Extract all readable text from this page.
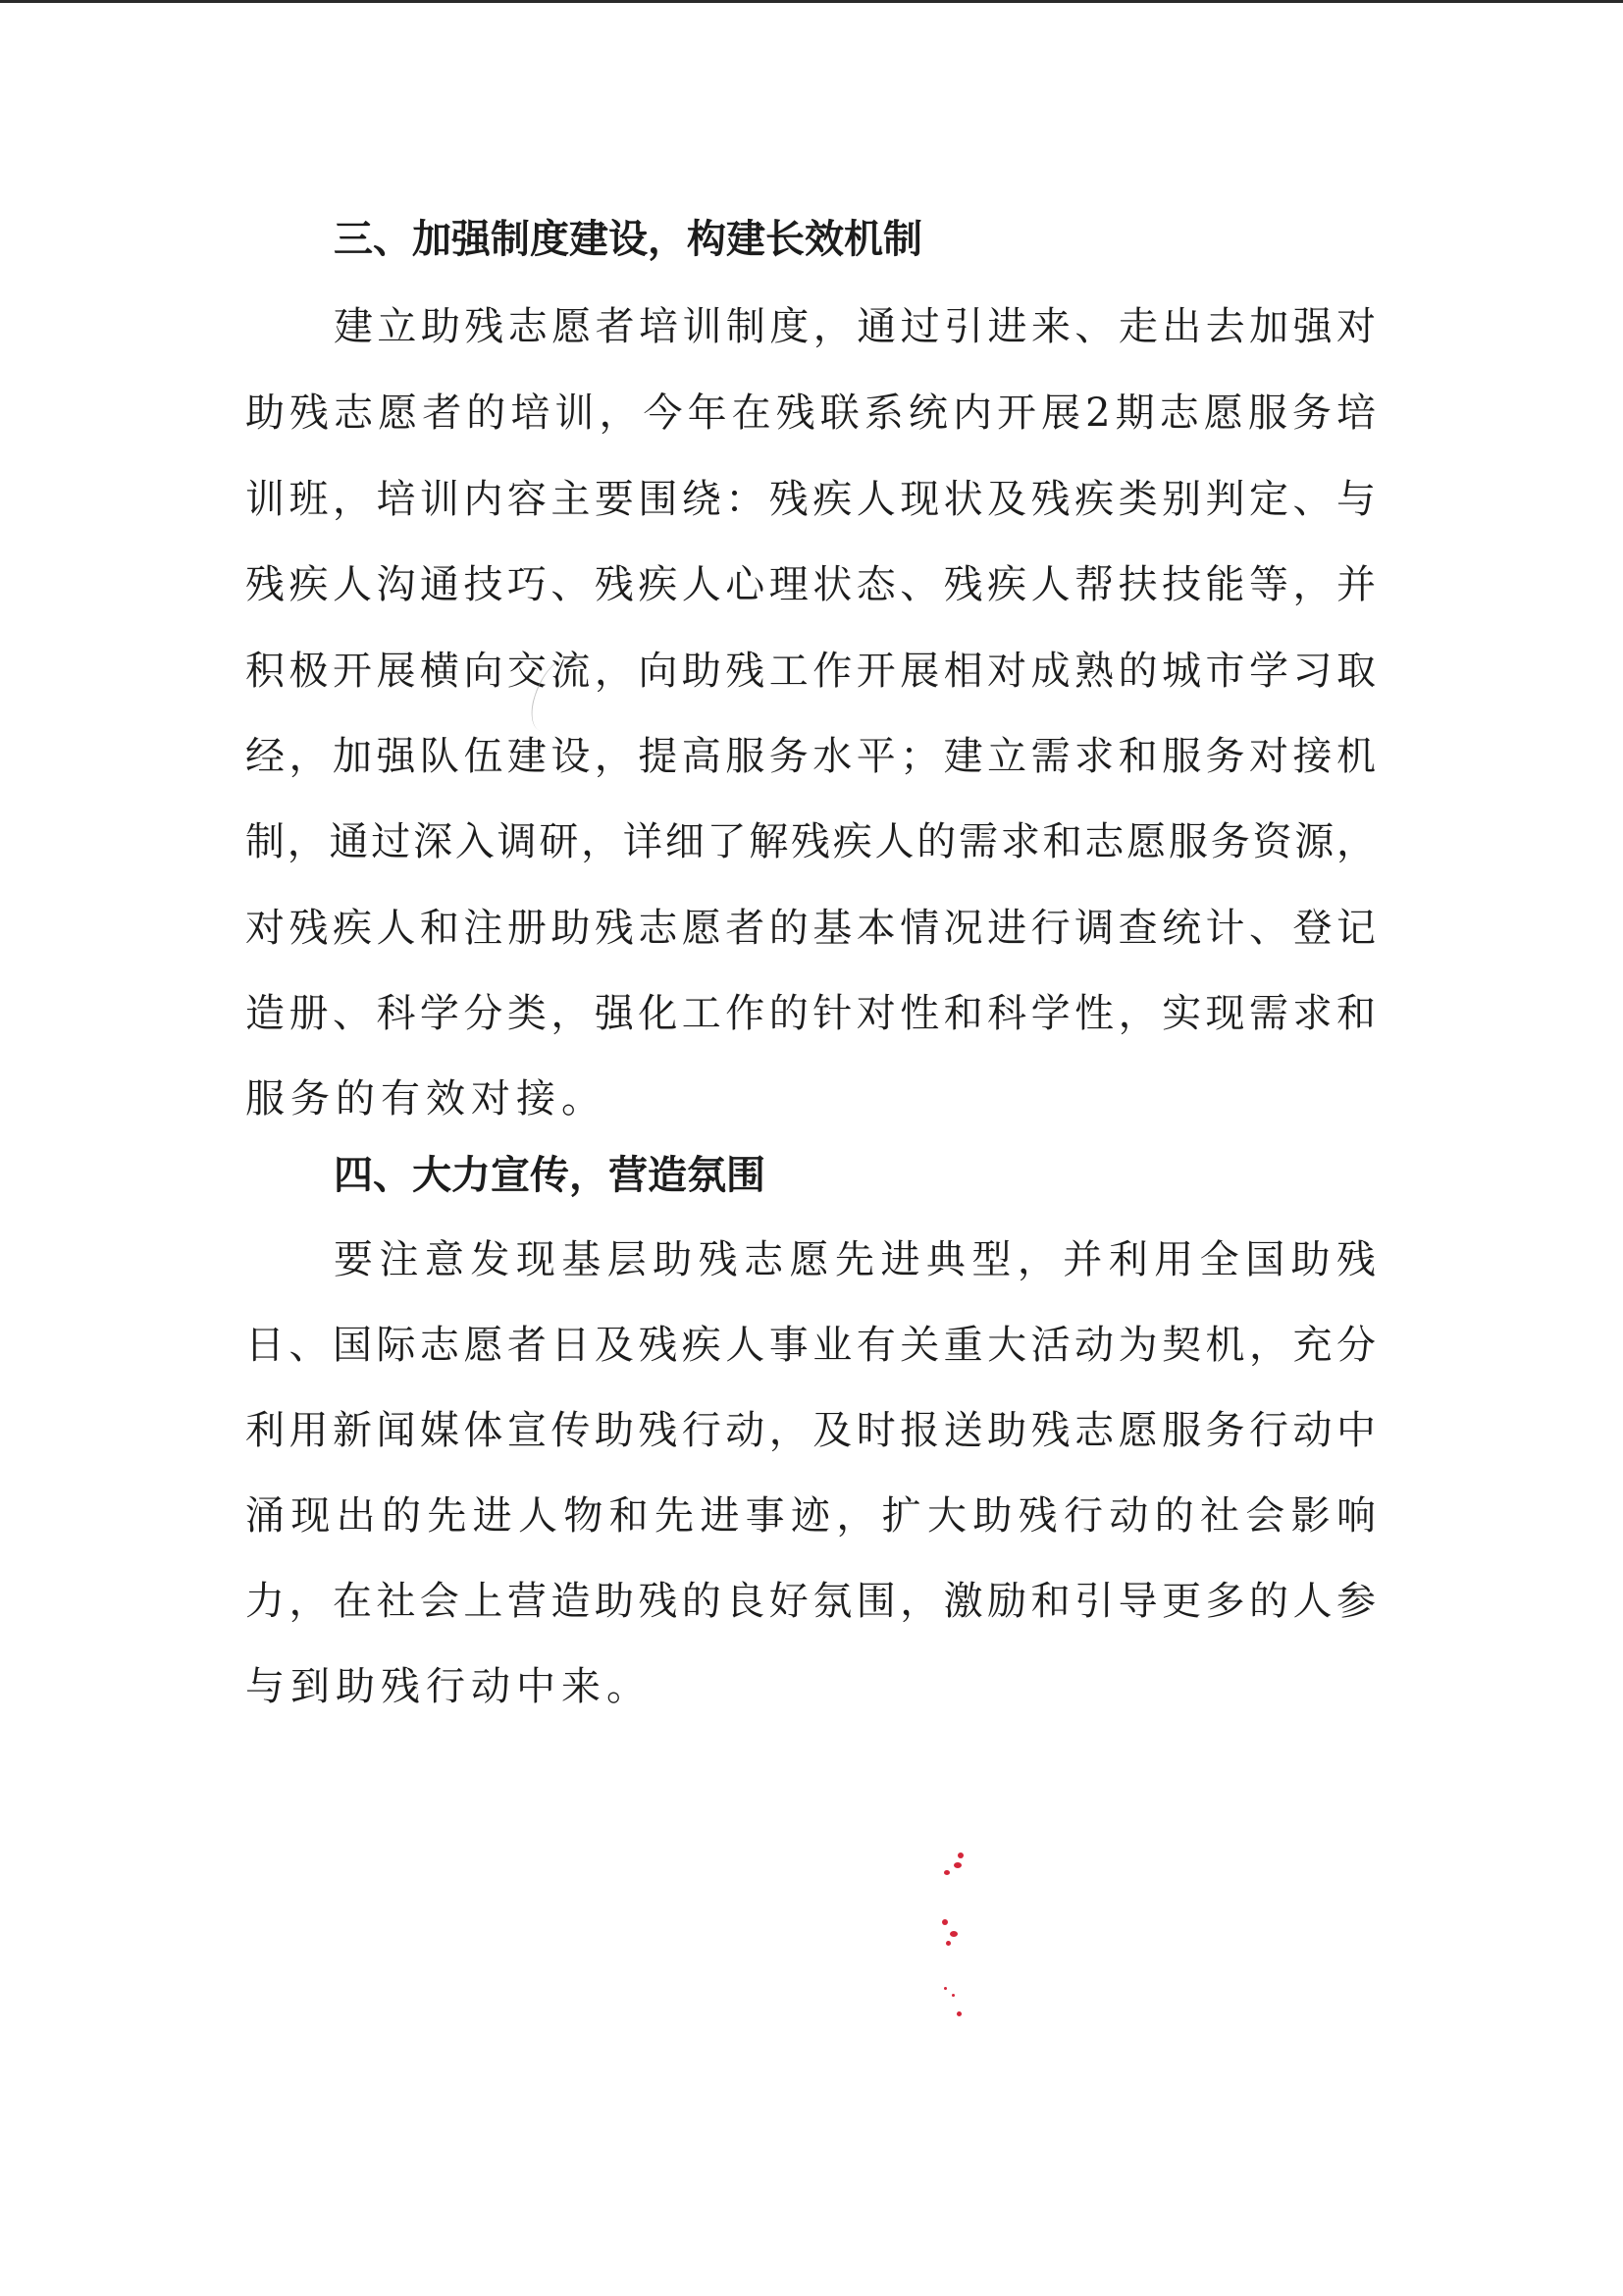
三、加强制度建设，构建长效机制
建立助残志愿者培训制度，通过引进来、走出去加强对
助残志愿者的培训，今年在残联系统内开展2期志愿服务培
训班，培训内容主要围绕：残疾人现状及残疾类别判定、与
残疾人沟通技巧、残疾人心理状态、残疾人帮扶技能等，并
积极开展横向交流，向助残工作开展相对成熟的城市学习取
经，加强队伍建设，提高服务水平；建立需求和服务对接机
制，通过深入调研，详细了解残疾人的需求和志愿服务资源，
对残疾人和注册助残志愿者的基本情况进行调查统计、登记
造册、科学分类，强化工作的针对性和科学性，实现需求和
服务的有效对接。
四、大力宣传，营造氛围
要注意发现基层助残志愿先进典型，并利用全国助残
日、国际志愿者日及残疾人事业有关重大活动为契机，充分
利用新闻媒体宣传助残行动，及时报送助残志愿服务行动中
涌现出的先进人物和先进事迹，扩大助残行动的社会影响
力，在社会上营造助残的良好氛围，激励和引导更多的人参
与到助残行动中来。
